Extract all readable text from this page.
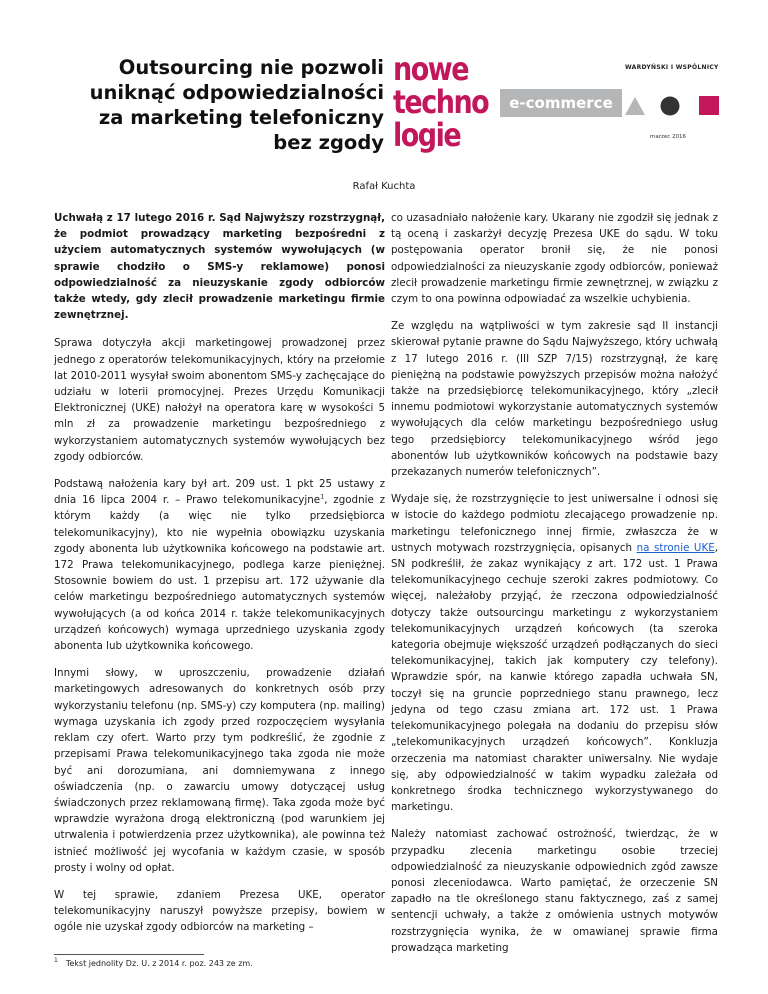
Outsourcing nie pozwoli uniknąć odpowiedzialności za marketing telefoniczny bez zgody
nowe
techno
logie
e-commerce
WARDYŃSKI I WSPÓLNICY
marzec 2016
Rafał Kuchta

Uchwałą z 17 lutego 2016 r. Sąd Najwyższy rozstrzygnął, że podmiot prowadzący marketing bezpośredni z użyciem automatycznych systemów wywołujących (w sprawie chodziło o SMS-y reklamowe) ponosi odpowiedzialność za nieuzyskanie zgody odbiorców także wtedy, gdy zlecił prowadzenie marketingu firmie zewnętrznej.

Sprawa dotyczyła akcji marketingowej prowadzonej przez jednego z operatorów telekomunikacyjnych, który na przełomie lat 2010-2011 wysyłał swoim abonentom SMS-y zachęcające do udziału w loterii promocyjnej. Prezes Urzędu Komunikacji Elektronicznej (UKE) nałożył na operatora karę w wysokości 5 mln zł za prowadzenie marketingu bezpośredniego z wykorzystaniem automatycznych systemów wywołujących bez zgody odbiorców.

Podstawą nałożenia kary był art. 209 ust. 1 pkt 25 ustawy z dnia 16 lipca 2004 r. – Prawo telekomunikacyjne$^1$, zgodnie z którym każdy (a więc nie tylko przedsiębiorca telekomunikacyjny), kto nie wypełnia obowiązku uzyskania zgody abonenta lub użytkownika końcowego na podstawie art. 172 Prawa telekomunikacyjnego, podlega karze pieniężnej. Stosownie bowiem do ust. 1 przepisu art. 172 używanie dla celów marketingu bezpośredniego automatycznych systemów wywołujących (a od końca 2014 r. także telekomunikacyjnych urządzeń końcowych) wymaga uprzedniego uzyskania zgody abonenta lub użytkownika końcowego.

Innymi słowy, w uproszczeniu, prowadzenie działań marketingowych adresowanych do konkretnych osób przy wykorzystaniu telefonu (np. SMS-y) czy komputera (np. mailing) wymaga uzyskania ich zgody przed rozpoczęciem wysyłania reklam czy ofert. Warto przy tym podkreślić, że zgodnie z przepisami Prawa telekomunikacyjnego taka zgoda nie może być ani dorozumiana, ani domniemywana z innego oświadczenia (np. o zawarciu umowy dotyczącej usług świadczonych przez reklamowaną firmę). Taka zgoda może być wprawdzie wyrażona drogą elektroniczną (pod warunkiem jej utrwalenia i potwierdzenia przez użytkownika), ale powinna też istnieć możliwość jej wycofania w każdym czasie, w sposób prosty i wolny od opłat.

W tej sprawie, zdaniem Prezesa UKE, operator telekomunikacyjny naruszył powyższe przepisy, bowiem w ogóle nie uzyskał zgody odbiorców na marketing –

co uzasadniało nałożenie kary. Ukarany nie zgodził się jednak z tą oceną i zaskarżył decyzję Prezesa UKE do sądu. W toku postępowania operator bronił się, że nie ponosi odpowiedzialności za nieuzyskanie zgody odbiorców, ponieważ zlecił prowadzenie marketingu firmie zewnętrznej, w związku z czym to ona powinna odpowiadać za wszelkie uchybienia.

Ze względu na wątpliwości w tym zakresie sąd II instancji skierował pytanie prawne do Sądu Najwyższego, który uchwałą z 17 lutego 2016 r. (III SZP 7/15) rozstrzygnął, że karę pieniężną na podstawie powyższych przepisów można nałożyć także na przedsiębiorcę telekomunikacyjnego, który „zlecił innemu podmiotowi wykorzystanie automatycznych systemów wywołujących dla celów marketingu bezpośredniego usług tego przedsiębiorcy telekomunikacyjnego wśród jego abonentów lub użytkowników końcowych na podstawie bazy przekazanych numerów telefonicznych”.

Wydaje się, że rozstrzygnięcie to jest uniwersalne i odnosi się w istocie do każdego podmiotu zlecającego prowadzenie np. marketingu telefonicznego innej firmie, zwłaszcza że w ustnych motywach rozstrzygnięcia, opisanych na stronie UKE, SN podkreślił, że zakaz wynikający z art. 172 ust. 1 Prawa telekomunikacyjnego cechuje szeroki zakres podmiotowy. Co więcej, należałoby przyjąć, że rzeczona odpowiedzialność dotyczy także outsourcingu marketingu z wykorzystaniem telekomunikacyjnych urządzeń końcowych (ta szeroka kategoria obejmuje większość urządzeń podłączanych do sieci telekomunikacyjnej, takich jak komputery czy telefony). Wprawdzie spór, na kanwie którego zapadła uchwała SN, toczył się na gruncie poprzedniego stanu prawnego, lecz jedyna od tego czasu zmiana art. 172 ust. 1 Prawa telekomunikacyjnego polegała na dodaniu do przepisu słów „telekomunikacyjnych urządzeń końcowych”. Konkluzja orzeczenia ma natomiast charakter uniwersalny. Nie wydaje się, aby odpowiedzialność w takim wypadku zależała od konkretnego środka technicznego wykorzystywanego do marketingu.

Należy natomiast zachować ostrożność, twierdząc, że w przypadku zlecenia marketingu osobie trzeciej odpowiedzialność za nieuzyskanie odpowiednich zgód zawsze ponosi zleceniodawca. Warto pamiętać, że orzeczenie SN zapadło na tle określonego stanu faktycznego, zaś z samej sentencji uchwały, a także z omówienia ustnych motywów rozstrzygnięcia wynika, że w omawianej sprawie firma prowadząca marketing

$^1$ Tekst jednolity Dz. U. z 2014 r. poz. 243 ze zm.
